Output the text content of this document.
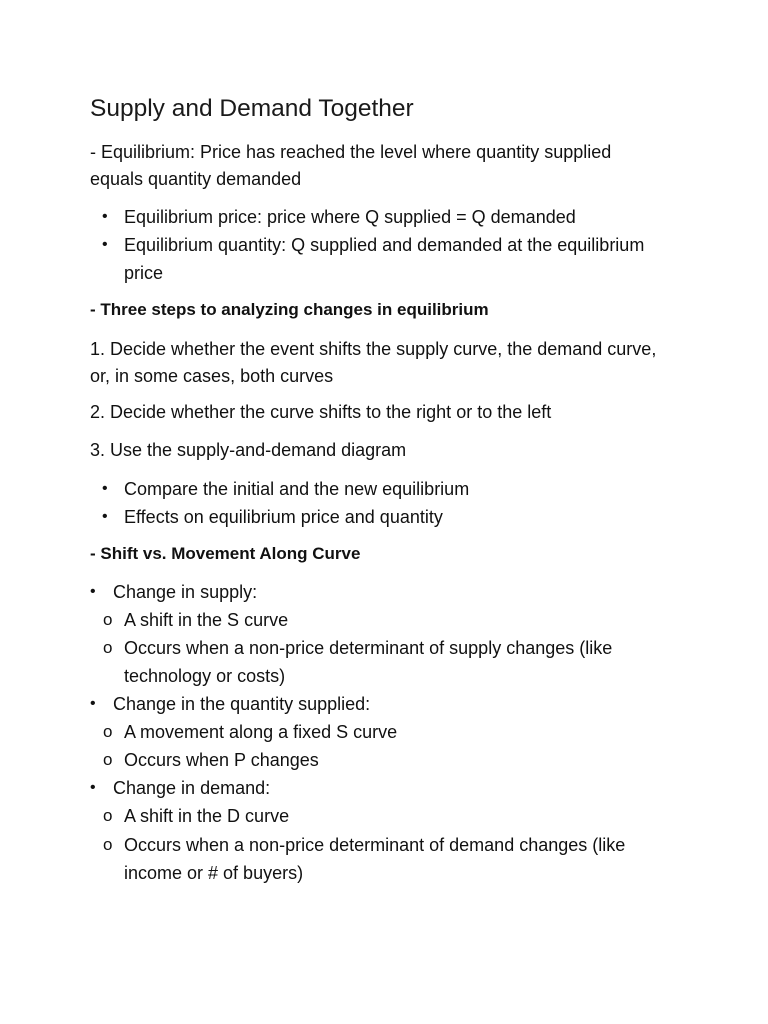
Supply and Demand Together
- Equilibrium: Price has reached the level where quantity supplied
equals quantity demanded
• Equilibrium price: price where Q supplied = Q demanded
• Equilibrium quantity: Q supplied and demanded at the equilibrium
price
- Three steps to analyzing changes in equilibrium
1. Decide whether the event shifts the supply curve, the demand curve,
or, in some cases, both curves
2. Decide whether the curve shifts to the right or to the left
3. Use the supply-and-demand diagram
• Compare the initial and the new equilibrium
• Effects on equilibrium price and quantity
- Shift vs. Movement Along Curve
• Change in supply:
o A shift in the S curve
o Occurs when a non-price determinant of supply changes (like
technology or costs)
• Change in the quantity supplied:
o A movement along a fixed S curve
o Occurs when P changes
• Change in demand:
o A shift in the D curve
o Occurs when a non-price determinant of demand changes (like
income or # of buyers)
